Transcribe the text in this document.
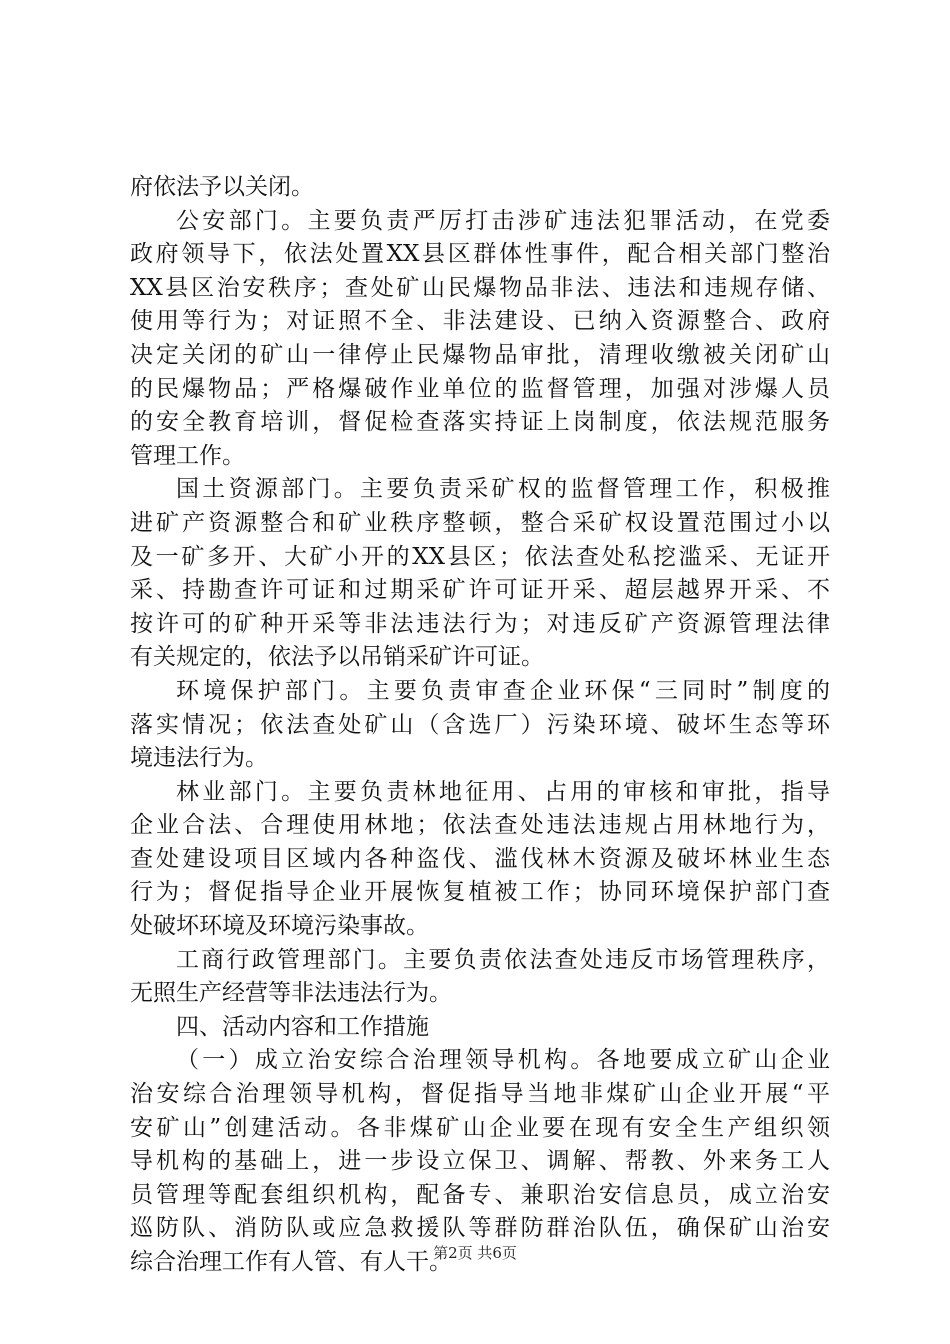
府依法予以关闭。
公安部门。主要负责严厉打击涉矿违法犯罪活动，在党委
政府领导下，依法处置XX县区群体性事件，配合相关部门整治
XX县区治安秩序；查处矿山民爆物品非法、违法和违规存储、
使用等行为；对证照不全、非法建设、已纳入资源整合、政府
决定关闭的矿山一律停止民爆物品审批，清理收缴被关闭矿山
的民爆物品；严格爆破作业单位的监督管理，加强对涉爆人员
的安全教育培训，督促检查落实持证上岗制度，依法规范服务
管理工作。
国土资源部门。主要负责采矿权的监督管理工作，积极推
进矿产资源整合和矿业秩序整顿，整合采矿权设置范围过小以
及一矿多开、大矿小开的XX县区；依法查处私挖滥采、无证开
采、持勘查许可证和过期采矿许可证开采、超层越界开采、不
按许可的矿种开采等非法违法行为；对违反矿产资源管理法律
有关规定的，依法予以吊销采矿许可证。
环境保护部门。主要负责审查企业环保“三同时”制度的
落实情况；依法查处矿山（含选厂）污染环境、破坏生态等环
境违法行为。
林业部门。主要负责林地征用、占用的审核和审批，指导
企业合法、合理使用林地；依法查处违法违规占用林地行为，
查处建设项目区域内各种盗伐、滥伐林木资源及破坏林业生态
行为；督促指导企业开展恢复植被工作；协同环境保护部门查
处破坏环境及环境污染事故。
工商行政管理部门。主要负责依法查处违反市场管理秩序，
无照生产经营等非法违法行为。
四、活动内容和工作措施
（一）成立治安综合治理领导机构。各地要成立矿山企业
治安综合治理领导机构，督促指导当地非煤矿山企业开展“平
安矿山”创建活动。各非煤矿山企业要在现有安全生产组织领
导机构的基础上，进一步设立保卫、调解、帮教、外来务工人
员管理等配套组织机构，配备专、兼职治安信息员，成立治安
巡防队、消防队或应急救援队等群防群治队伍，确保矿山治安
综合治理工作有人管、有人干。
第2页 共6页
